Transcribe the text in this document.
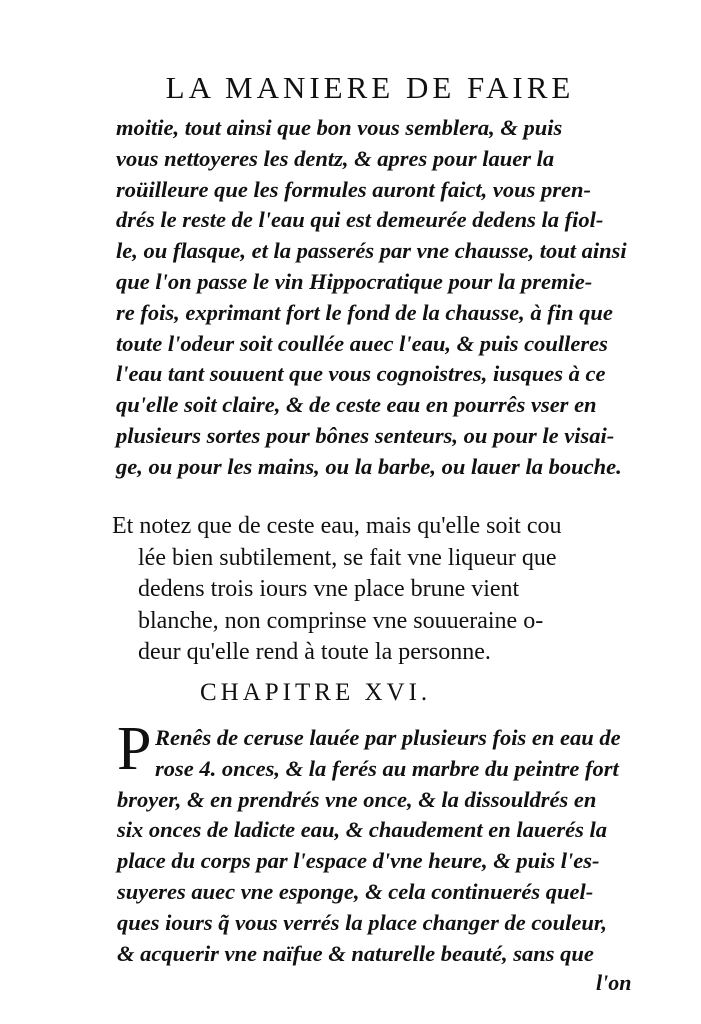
LA MANIERE DE FAIRE
moitie, tout ainsi que bon vous semblera, & puis
vous nettoyeres les dentz, & apres pour lauer la
roüilleure que les formules auront faict, vous pren-
drés le reste de l'eau qui est demeurée dedens la fiol-
le, ou flasque, et la passerés par vne chausse, tout ainsi
que l'on passe le vin Hippocratique pour la premie-
re fois, exprimant fort le fond de la chausse, à fin que
toute l'odeur soit coullée auec l'eau, & puis coulleres
l'eau tant souuent que vous cognoistres, iusques à ce
qu'elle soit claire, & de ceste eau en pourrês vser en
plusieurs sortes pour bônes senteurs, ou pour le visai-
ge, ou pour les mains, ou la barbe, ou lauer la bouche.
Et notez que de ceste eau, mais qu'elle soit cou
lée bien subtilement, se fait vne liqueur que
dedens trois iours vne place brune vient
blanche, non comprinse vne souueraine o-
deur qu'elle rend à toute la personne.
CHAPITRE XVI.
P Renês de ceruse lauée par plusieurs fois en eau de
rose 4. onces, & la ferés au marbre du peintre fort
broyer, & en prendrés vne once, & la dissouldrés en
six onces de ladicte eau, & chaudement en lauerés la
place du corps par l'espace d'vne heure, & puis l'es-
suyeres auec vne esponge, & cela continuerés quel-
ques iours q̃ vous verrés la place changer de couleur,
& acquerir vne naïfue & naturelle beauté, sans que
l'on
